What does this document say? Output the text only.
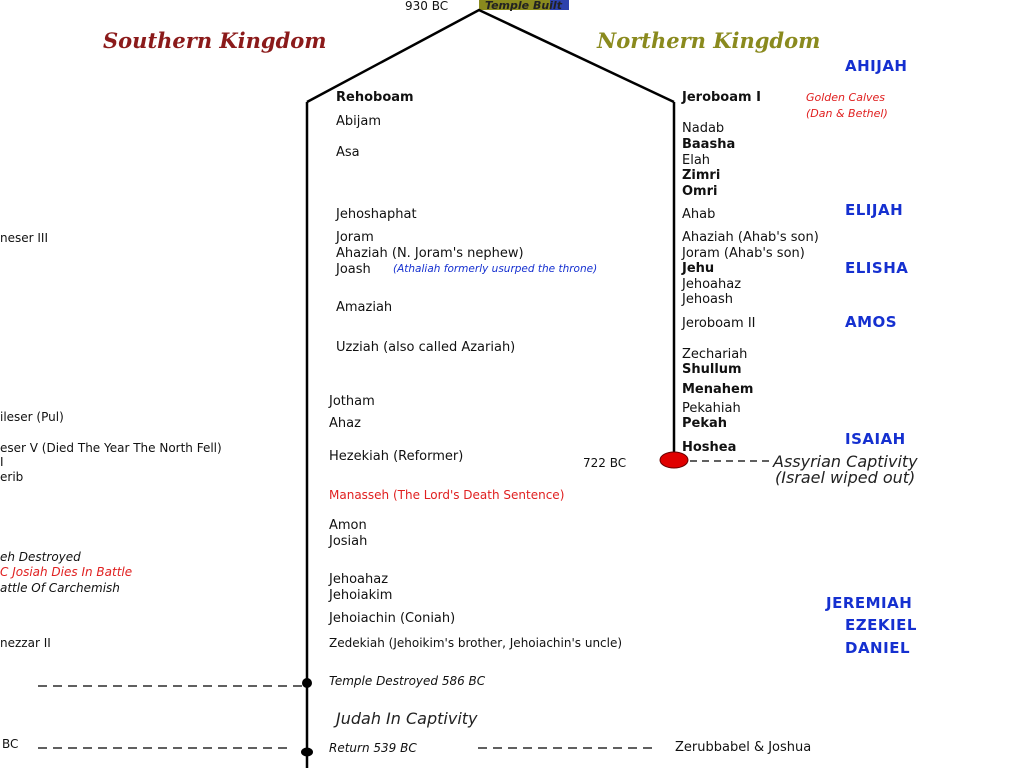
930 BC	Temple Built
Southern Kingdom	Northern Kingdom
Rehoboam
Abijam
Asa
Jehoshaphat
Joram
Ahaziah (N. Joram's nephew)
Joash (Athaliah formerly usurped the throne)
Amaziah
Uzziah (also called Azariah)
Jotham
Ahaz
Hezekiah (Reformer)
Manasseh (The Lord's Death Sentence)
Amon
Josiah
Jehoahaz
Jehoiakim
Jehoiachin (Coniah)
Zedekiah (Jehoikim's brother, Jehoiachin's uncle)
Jeroboam I
Nadab
Baasha
Elah
Zimri
Omri
Ahab
Ahaziah (Ahab's son)
Joram (Ahab's son)
Jehu
Jehoahaz
Jehoash
Jeroboam II
Zechariah
Shullum
Menahem
Pekahiah
Pekah
Hoshea
Golden Calves
(Dan & Bethel)
AHIJAH
ELIJAH
ELISHA
AMOS
ISAIAH
JEREMIAH
EZEKIEL
DANIEL
722 BC	Assyrian Captivity
(Israel wiped out)
Temple Destroyed 586 BC
Judah In Captivity
Return 539 BC	Zerubbabel & Joshua
neser III
ileser (Pul)
eser V (Died The Year The North Fell)
I
erib
eh Destroyed
C Josiah Dies In Battle
attle Of Carchemish
nezzar II
BC
